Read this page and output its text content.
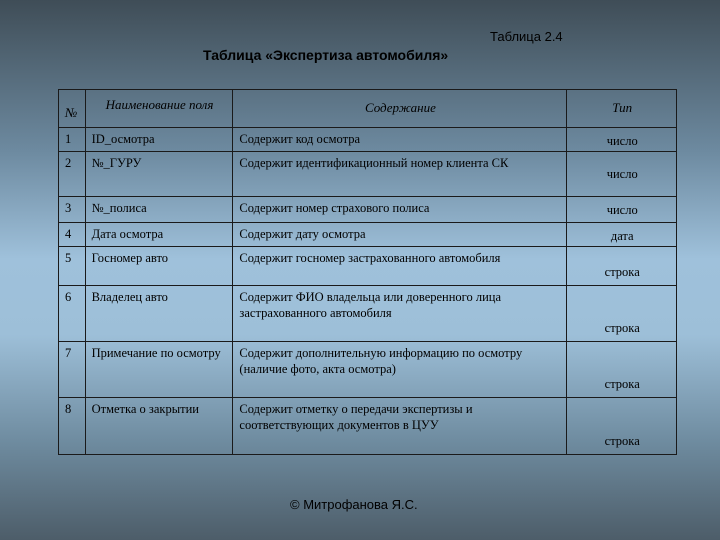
Таблица 2.4
Таблица «Экспертиза автомобиля»
№	Наименование поля	Содержание	Тип
1	ID_осмотра	Содержит код осмотра	число
2	№_ГУРУ	Содержит идентификационный номер клиента СК	число
3	№_полиса	Содержит номер страхового полиса	число
4	Дата осмотра	Содержит дату осмотра	дата
5	Госномер авто	Содержит госномер застрахованного автомобиля	строка
6	Владелец авто	Содержит ФИО владельца или доверенного лица застрахованного автомобиля	строка
7	Примечание по осмотру	Содержит дополнительную информацию по осмотру (наличие фото, акта осмотра)	строка
8	Отметка о закрытии	Содержит отметку о передачи экспертизы и соответствующих документов в ЦУУ	строка
© Митрофанова Я.С.
